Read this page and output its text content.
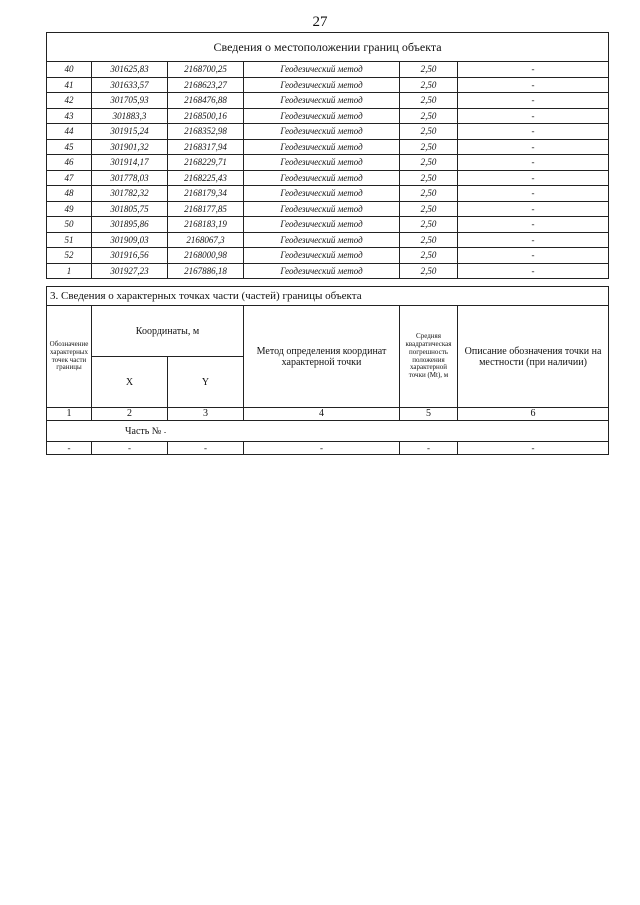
27
Сведения о местоположении границ объекта					
40	301625,83	2168700,25	Геодезический метод	2,50	-
41	301633,57	2168623,27	Геодезический метод	2,50	-
42	301705,93	2168476,88	Геодезический метод	2,50	-
43	301883,3	2168500,16	Геодезический метод	2,50	-
44	301915,24	2168352,98	Геодезический метод	2,50	-
45	301901,32	2168317,94	Геодезический метод	2,50	-
46	301914,17	2168229,71	Геодезический метод	2,50	-
47	301778,03	2168225,43	Геодезический метод	2,50	-
48	301782,32	2168179,34	Геодезический метод	2,50	-
49	301805,75	2168177,85	Геодезический метод	2,50	-
50	301895,86	2168183,19	Геодезический метод	2,50	-
51	301909,03	2168067,3	Геодезический метод	2,50	-
52	301916,56	2168000,98	Геодезический метод	2,50	-
1	301927,23	2167886,18	Геодезический метод	2,50	-
3. Сведения о характерных точках части (частей) границы объекта					
Обозначение характерных точек части границы	Координаты, м		Метод определения координат характерной точки	Средняя квадратическая погрешность положения характерной точки (Mt), м	Описание обозначения точки на местности (при наличии)
	X	Y			
1	2	3	4	5	6
Часть № -					
-	-	-	-	-	-
